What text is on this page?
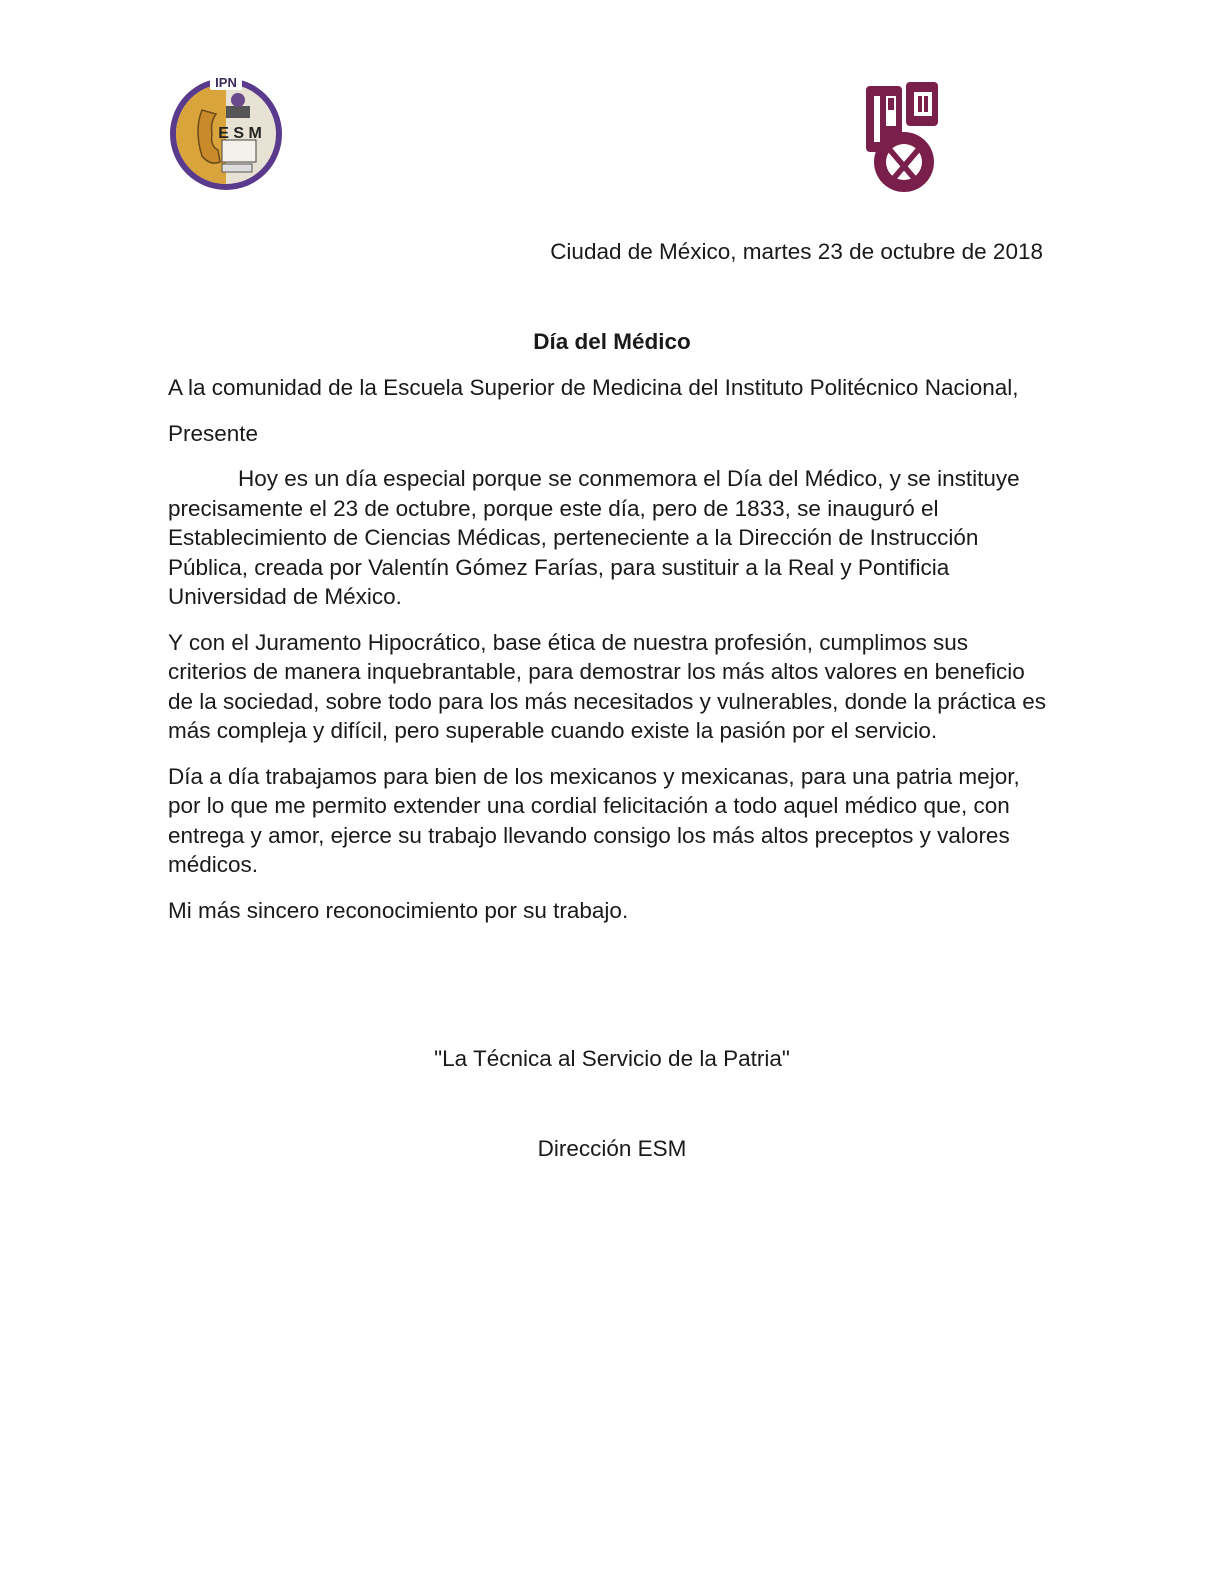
IPN
E S M
IPN
Ciudad de México, martes 23 de octubre de 2018
Día del Médico

A la comunidad de la Escuela Superior de Medicina del Instituto Politécnico Nacional,

Presente

Hoy es un día especial porque se conmemora el Día del Médico, y se instituye precisamente el 23 de octubre, porque este día, pero de 1833, se inauguró el Establecimiento de Ciencias Médicas, perteneciente a la Dirección de Instrucción Pública, creada por Valentín Gómez Farías, para sustituir a la Real y Pontificia Universidad de México.

Y con el Juramento Hipocrático, base ética de nuestra profesión, cumplimos sus criterios de manera inquebrantable, para demostrar los más altos valores en beneficio de la sociedad, sobre todo para los más necesitados y vulnerables, donde la práctica es más compleja y difícil, pero superable cuando existe la pasión por el servicio.

Día a día trabajamos para bien de los mexicanos y mexicanas, para una patria mejor, por lo que me permito extender una cordial felicitación a todo aquel médico que, con entrega y amor, ejerce su trabajo llevando consigo los más altos preceptos y valores médicos.

Mi más sincero reconocimiento por su trabajo.

"La Técnica al Servicio de la Patria"
Dirección ESM
